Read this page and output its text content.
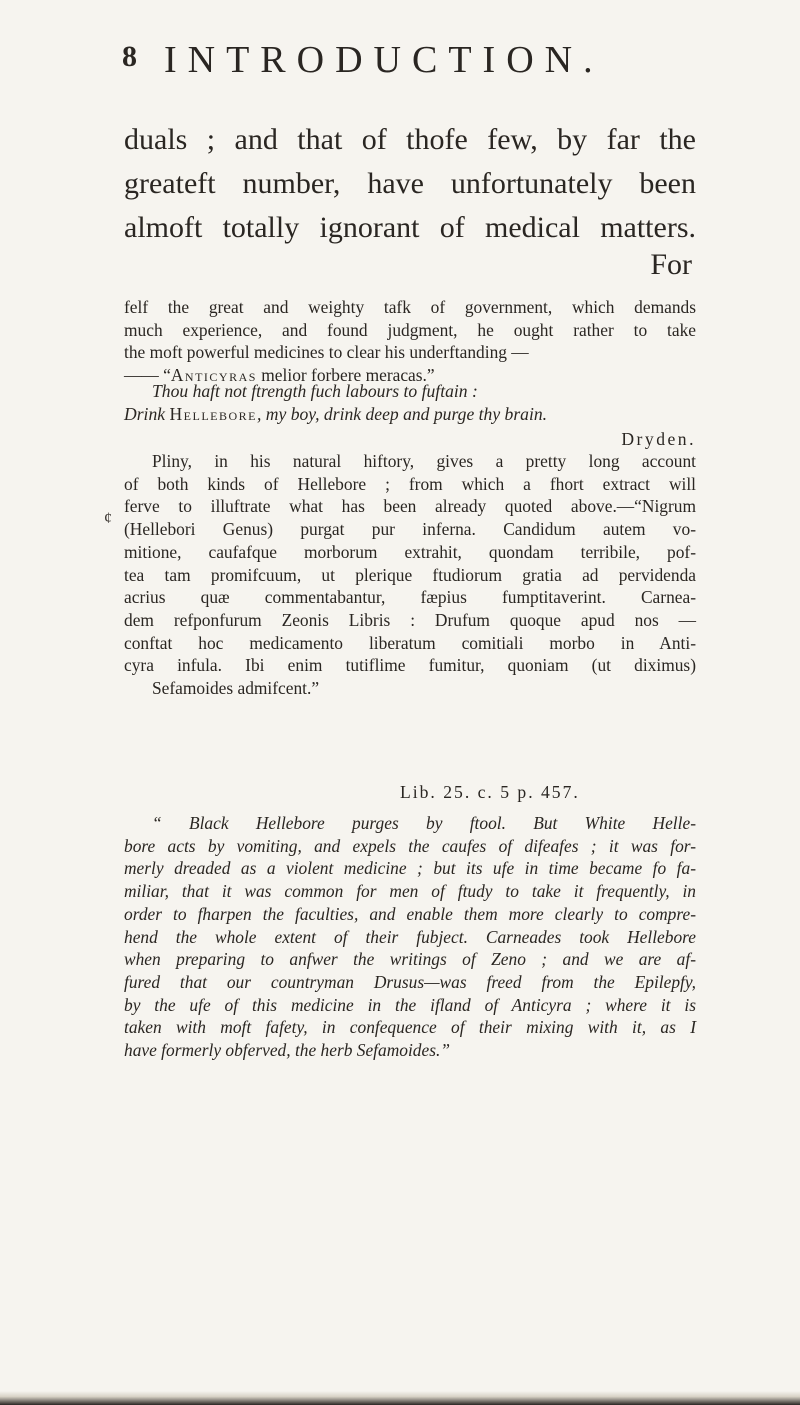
8 INTRODUCTION.
duals ; and that of thofe few, by far the
greateft number, have unfortunately been
almoft totally ignorant of medical matters.
For
felf the great and weighty tafk of government, which demands
much experience, and found judgment, he ought rather to take
the moft powerful medicines to clear his underftanding —
—— “Anticyras melior forbere meracas.”
Thou haft not ftrength fuch labours to fuftain :
Drink Hellebore, my boy, drink deep and purge thy brain.
Dryden.
Pliny, in his natural hiftory, gives a pretty long account
of both kinds of Hellebore ; from which a fhort extract will
ferve to illuftrate what has been already quoted above.—“Nigrum
(Hellebori Genus) purgat pur inferna. Candidum autem vo-
mitione, caufafque morborum extrahit, quondam terribile, pof-
tea tam promifcuum, ut plerique ftudiorum gratia ad pervidenda
acrius quæ commentabantur, fæpius fumptitaverint. Carnea-
dem refponfurum Zeonis Libris : Drufum quoque apud nos —
conftat hoc medicamento liberatum comitiali morbo in Anti-
cyra infula. Ibi enim tutiflime fumitur, quoniam (ut diximus)
Sefamoides admifcent.”
Lib. 25. c. 5 p. 457.
“ Black Hellebore purges by ftool. But White Helle-
bore acts by vomiting, and expels the caufes of difeafes ; it was for-
merly dreaded as a violent medicine ; but its ufe in time became fo fa-
miliar, that it was common for men of ftudy to take it frequently, in
order to fharpen the faculties, and enable them more clearly to compre-
hend the whole extent of their fubject. Carneades took Hellebore
when preparing to anfwer the writings of Zeno ; and we are af-
fured that our countryman Drusus—was freed from the Epilepfy,
by the ufe of this medicine in the ifland of Anticyra ; where it is
taken with moft fafety, in confequence of their mixing with it, as I
have formerly obferved, the herb Sefamoides.”
¢
